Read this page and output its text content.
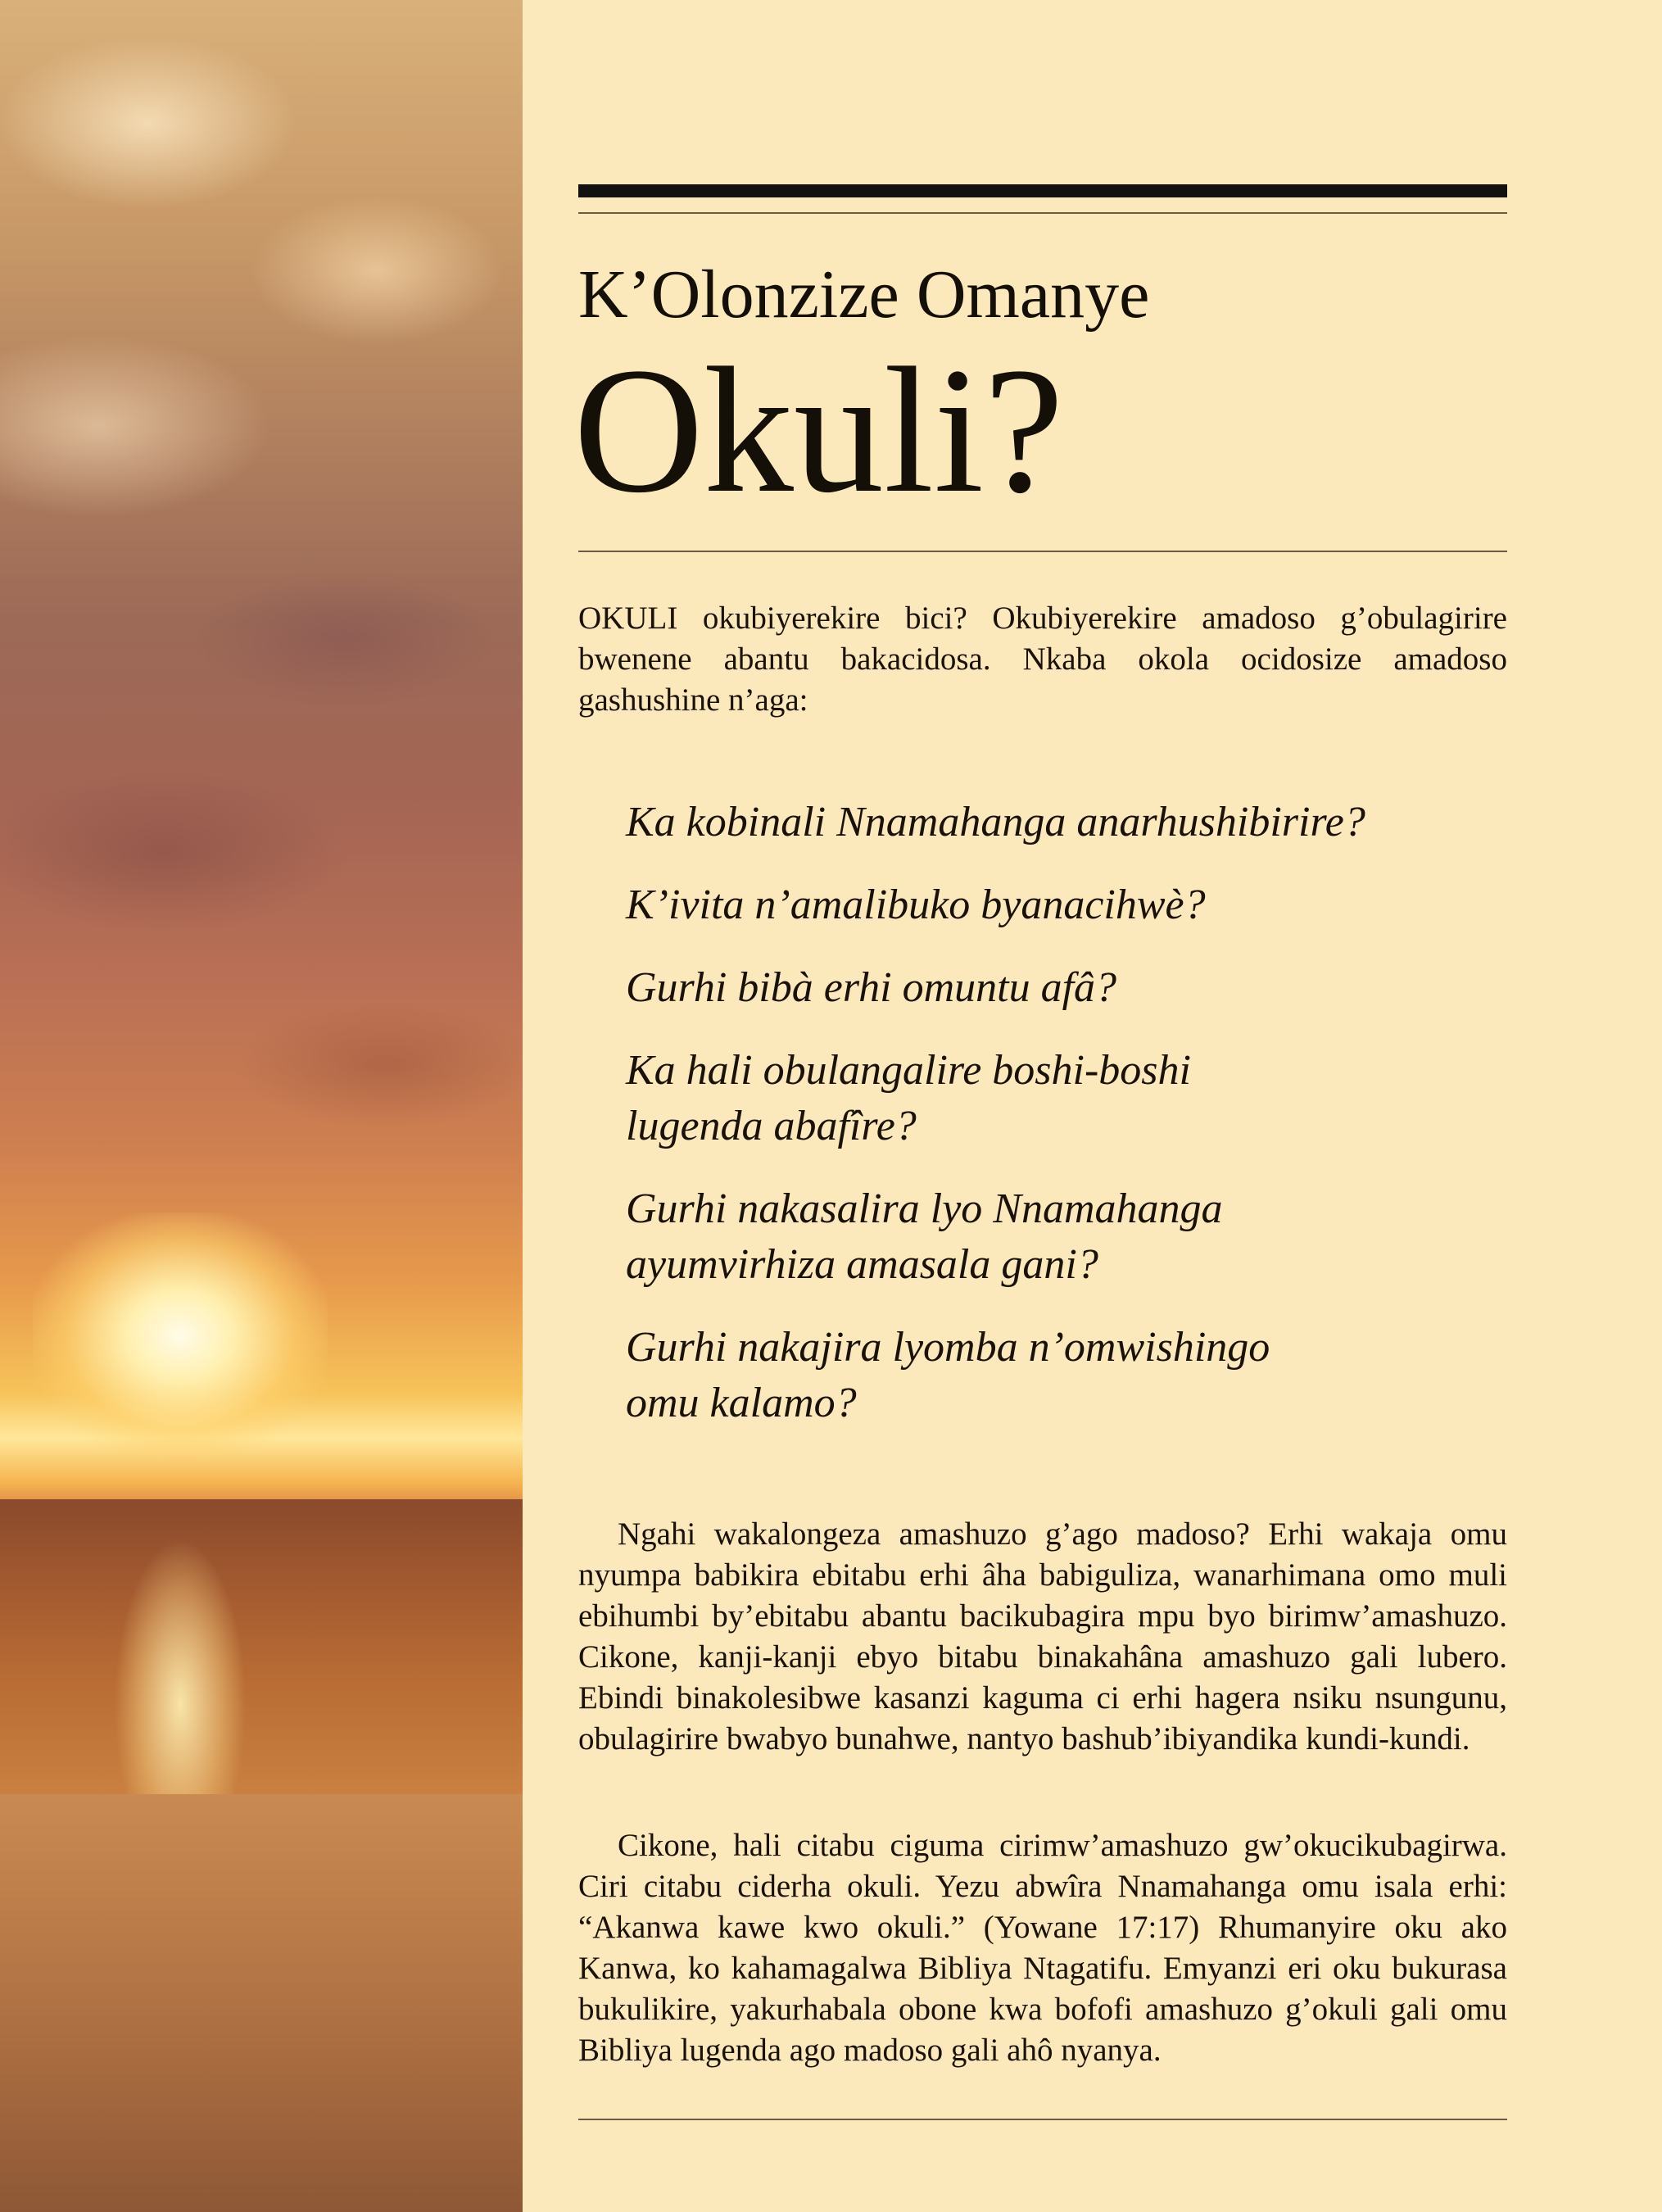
K’Olonzize Omanye
Okuli?

OKULI okubiyerekire bici? Okubiyerekire amadoso g’obulagirire bwenene abantu bakacidosa. Nkaba okola ocidosize amadoso gashushine n’aga:

Ka kobinali Nnamahanga anarhushibirire?
K’ivita n’amalibuko byanacihwè?
Gurhi bibà erhi omuntu afâ?
Ka hali obulangalire boshi-boshi
lugenda abafîre?
Gurhi nakasalira lyo Nnamahanga
ayumvirhiza amasala gani?
Gurhi nakajira lyomba n’omwishingo
omu kalamo?

Ngahi wakalongeza amashuzo g’ago madoso? Erhi wakaja omu nyumpa babikira ebitabu erhi âha babiguliza, wanarhimana omo muli ebihumbi by’ebitabu abantu bacikubagira mpu byo birimw’amashuzo. Cikone, kanji-kanji ebyo bitabu binakahâna amashuzo gali lubero. Ebindi binakolesibwe kasanzi kaguma ci erhi hagera nsiku nsungunu, obulagirire bwabyo bunahwe, nantyo bashub’ibiyandika kundi-kundi.

Cikone, hali citabu ciguma cirimw’amashuzo gw’okucikubagirwa. Ciri citabu ciderha okuli. Yezu abwîra Nnamahanga omu isala erhi: “Akanwa kawe kwo okuli.” (Yowane 17:17) Rhumanyire oku ako Kanwa, ko kahamagalwa Bibliya Ntagatifu. Emyanzi eri oku bukurasa bukulikire, yakurhabala obone kwa bofofi amashuzo g’okuli gali omu Bibliya lugenda ago madoso gali ahô nyanya.
